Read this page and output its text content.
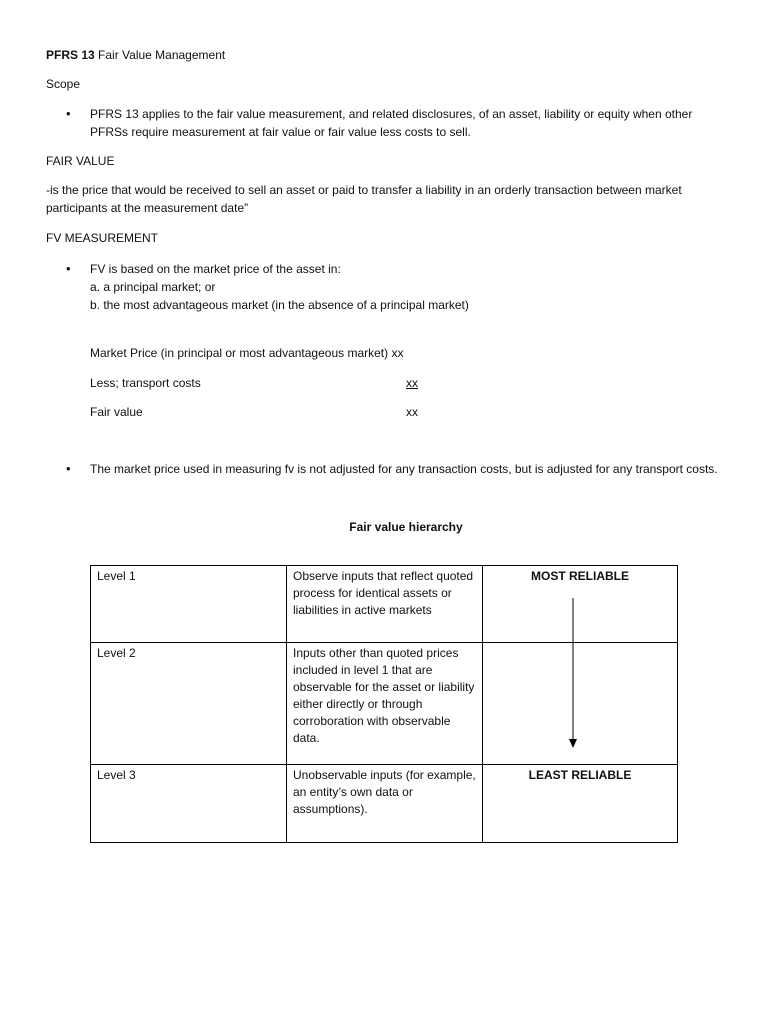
PFRS 13 Fair Value Management
Scope
• PFRS 13 applies to the fair value measurement, and related disclosures, of an asset, liability or equity when other PFRSs require measurement at fair value or fair value less costs to sell.
FAIR VALUE
-is the price that would be received to sell an asset or paid to transfer a liability in an orderly transaction between market participants at the measurement date”
FV MEASUREMENT
• FV is based on the market price of the asset in:
a. a principal market; or
b. the most advantageous market (in the absence of a principal market)
Market Price (in principal or most advantageous market) xx
Less; transport costs	xx
Fair value	xx
• The market price used in measuring fv is not adjusted for any transaction costs, but is adjusted for any transport costs.
Fair value hierarchy
Level 1	Observe inputs that reflect quoted process for identical assets or liabilities in active markets	MOST RELIABLE
Level 2	Inputs other than quoted prices included in level 1 that are observable for the asset or liability either directly or through corroboration with observable data.	
Level 3	Unobservable inputs (for example, an entity’s own data or assumptions).	LEAST RELIABLE
